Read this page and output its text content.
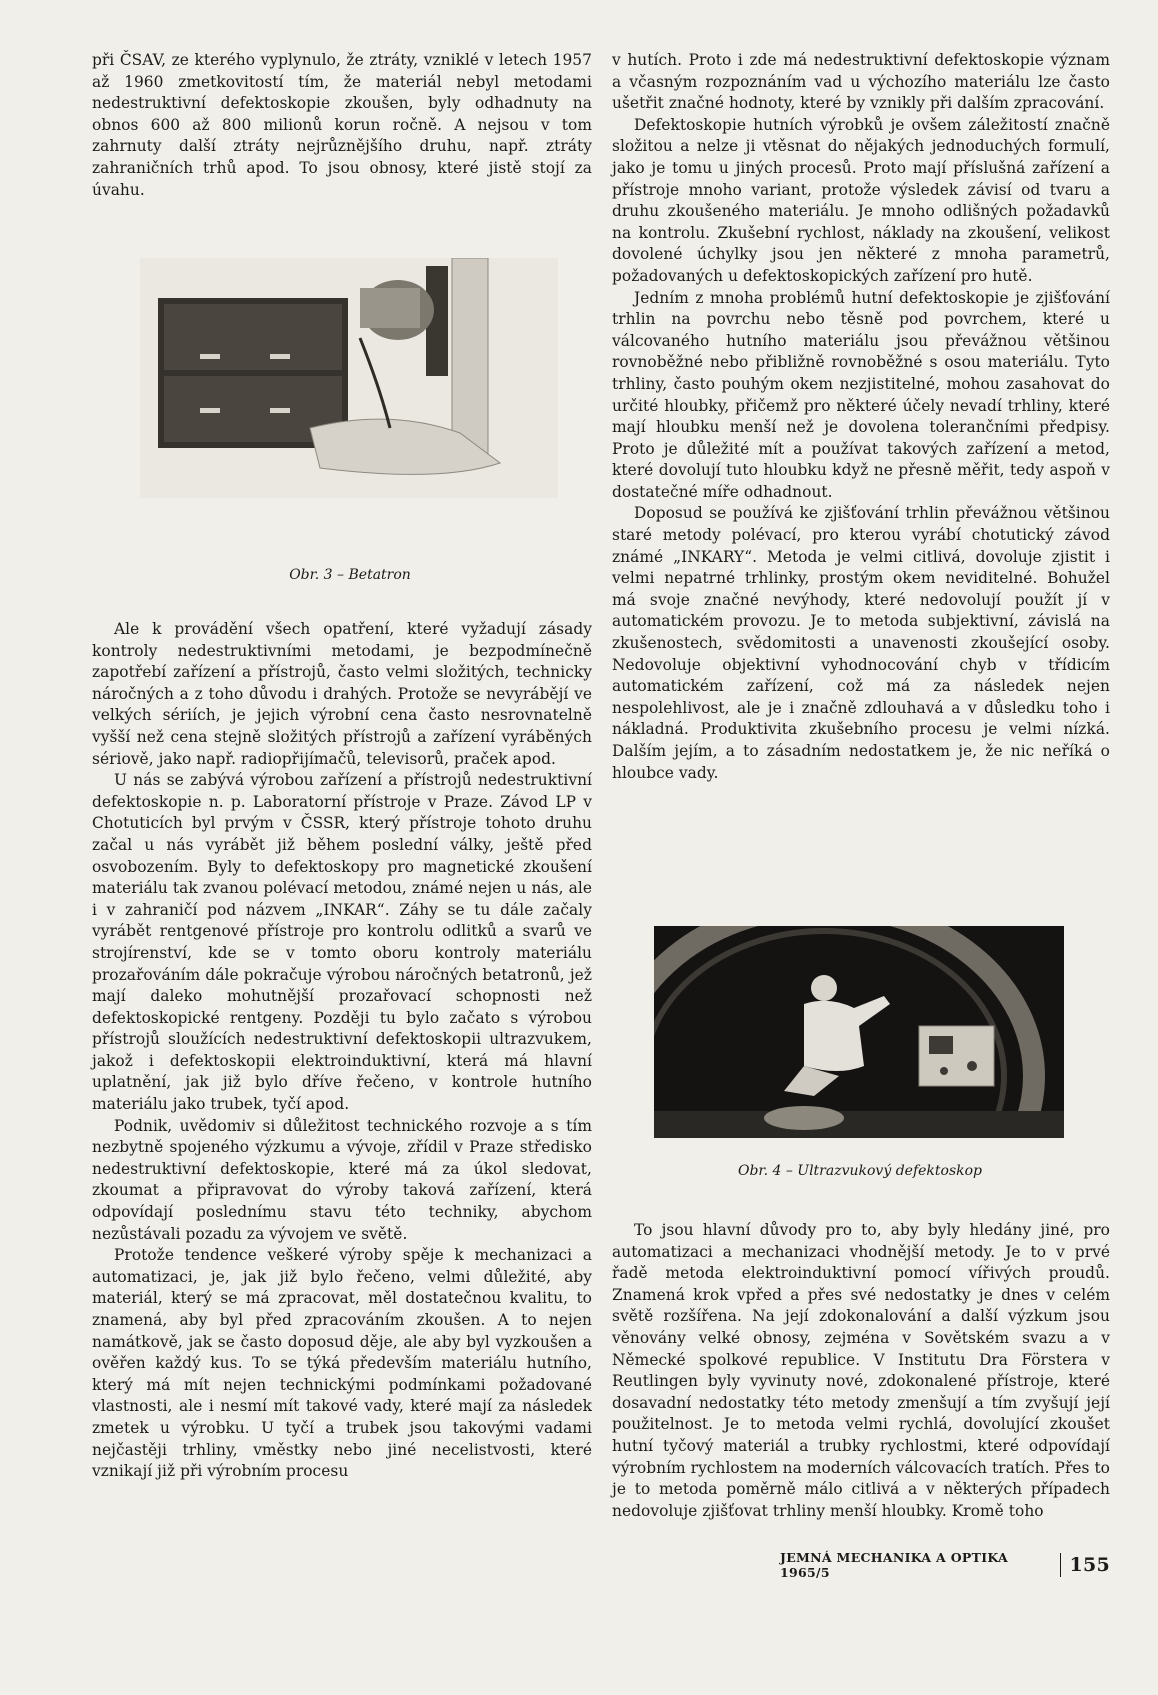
při ČSAV, ze kterého vyplynulo, že ztráty, vzniklé v letech 1957 až 1960 zmetkovitostí tím, že materiál nebyl metodami nedestruktivní defektoskopie zkoušen, byly odhadnuty na obnos 600 až 800 milionů korun ročně. A nejsou v tom zahrnuty další ztráty nejrůznějšího druhu, např. ztráty zahraničních trhů apod. To jsou obnosy, které jistě stojí za úvahu.

Obr. 3 – Betatron

Ale k provádění všech opatření, které vyžadují zásady kontroly nedestruktivními metodami, je bezpodmínečně zapotřebí zařízení a přístrojů, často velmi složitých, technicky náročných a z toho důvodu i drahých. Protože se nevyrábějí ve velkých sériích, je jejich výrobní cena často nesrovnatelně vyšší než cena stejně složitých přístrojů a zařízení vyráběných sériově, jako např. radiopřijímačů, televisorů, praček apod.

U nás se zabývá výrobou zařízení a přístrojů nedestruktivní defektoskopie n. p. Laboratorní přístroje v Praze. Závod LP v Chotuticích byl prvým v ČSSR, který přístroje tohoto druhu začal u nás vyrábět již během poslední války, ještě před osvobozením. Byly to defektoskopy pro magnetické zkoušení materiálu tak zvanou polévací metodou, známé nejen u nás, ale i v zahraničí pod názvem „INKAR“. Záhy se tu dále začaly vyrábět rentgenové přístroje pro kontrolu odlitků a svarů ve strojírenství, kde se v tomto oboru kontroly materiálu prozařováním dále pokračuje výrobou náročných betatronů, jež mají daleko mohutnější prozařovací schopnosti než defektoskopické rentgeny. Později tu bylo začato s výrobou přístrojů sloužících nedestruktivní defektoskopii ultrazvukem, jakož i defektoskopii elektroinduktivní, která má hlavní uplatnění, jak již bylo dříve řečeno, v kontrole hutního materiálu jako trubek, tyčí apod.

Podnik, uvědomiv si důležitost technického rozvoje a s tím nezbytně spojeného výzkumu a vývoje, zřídil v Praze středisko nedestruktivní defektoskopie, které má za úkol sledovat, zkoumat a připravovat do výroby taková zařízení, která odpovídají poslednímu stavu této techniky, abychom nezůstávali pozadu za vývojem ve světě.

Protože tendence veškeré výroby spěje k mechanizaci a automatizaci, je, jak již bylo řečeno, velmi důležité, aby materiál, který se má zpracovat, měl dostatečnou kvalitu, to znamená, aby byl před zpracováním zkoušen. A to nejen namátkově, jak se často doposud děje, ale aby byl vyzkoušen a ověřen každý kus. To se týká především materiálu hutního, který má mít nejen technickými podmínkami požadované vlastnosti, ale i nesmí mít takové vady, které mají za následek zmetek u výrobku. U tyčí a trubek jsou takovými vadami nejčastěji trhliny, vměstky nebo jiné necelistvosti, které vznikají již při výrobním procesu

v hutích. Proto i zde má nedestruktivní defektoskopie význam a včasným rozpoznáním vad u výchozího materiálu lze často ušetřit značné hodnoty, které by vznikly při dalším zpracování.

Defektoskopie hutních výrobků je ovšem záležitostí značně složitou a nelze ji vtěsnat do nějakých jednoduchých formulí, jako je tomu u jiných procesů. Proto mají příslušná zařízení a přístroje mnoho variant, protože výsledek závisí od tvaru a druhu zkoušeného materiálu. Je mnoho odlišných požadavků na kontrolu. Zkušební rychlost, náklady na zkoušení, velikost dovolené úchylky jsou jen některé z mnoha parametrů, požadovaných u defektoskopických zařízení pro hutě.

Jedním z mnoha problémů hutní defektoskopie je zjišťování trhlin na povrchu nebo těsně pod povrchem, které u válcovaného hutního materiálu jsou převážnou většinou rovnoběžné nebo přibližně rovnoběžné s osou materiálu. Tyto trhliny, často pouhým okem nezjistitelné, mohou zasahovat do určité hloubky, přičemž pro některé účely nevadí trhliny, které mají hloubku menší než je dovolena tolerančními předpisy. Proto je důležité mít a používat takových zařízení a metod, které dovolují tuto hloubku když ne přesně měřit, tedy aspoň v dostatečné míře odhadnout.

Doposud se používá ke zjišťování trhlin převážnou většinou staré metody polévací, pro kterou vyrábí chotutický závod známé „INKARY“. Metoda je velmi citlivá, dovoluje zjistit i velmi nepatrné trhlinky, prostým okem neviditelné. Bohužel má svoje značné nevýhody, které nedovolují použít jí v automatickém provozu. Je to metoda subjektivní, závislá na zkušenostech, svědomitosti a unavenosti zkoušející osoby. Nedovoluje objektivní vyhodnocování chyb v třídicím automatickém zařízení, což má za následek nejen nespolehlivost, ale je i značně zdlouhavá a v důsledku toho i nákladná. Produktivita zkušebního procesu je velmi nízká. Dalším jejím, a to zásadním nedostatkem je, že nic neříká o hloubce vady.

Obr. 4 – Ultrazvukový defektoskop

To jsou hlavní důvody pro to, aby byly hledány jiné, pro automatizaci a mechanizaci vhodnější metody. Je to v prvé řadě metoda elektroinduktivní pomocí vířivých proudů. Znamená krok vpřed a přes své nedostatky je dnes v celém světě rozšířena. Na její zdokonalování a další výzkum jsou věnovány velké obnosy, zejména v Sovětském svazu a v Německé spolkové republice. V Institutu Dra Förstera v Reutlingen byly vyvinuty nové, zdokonalené přístroje, které dosavadní nedostatky této metody zmenšují a tím zvyšují její použitelnost. Je to metoda velmi rychlá, dovolující zkoušet hutní tyčový materiál a trubky rychlostmi, které odpovídají výrobním rychlostem na moderních válcovacích tratích. Přes to je to metoda poměrně málo citlivá a v některých případech nedovoluje zjišťovat trhliny menší hloubky. Kromě toho

JEMNÁ MECHANIKA A OPTIKA 1965/5	155
